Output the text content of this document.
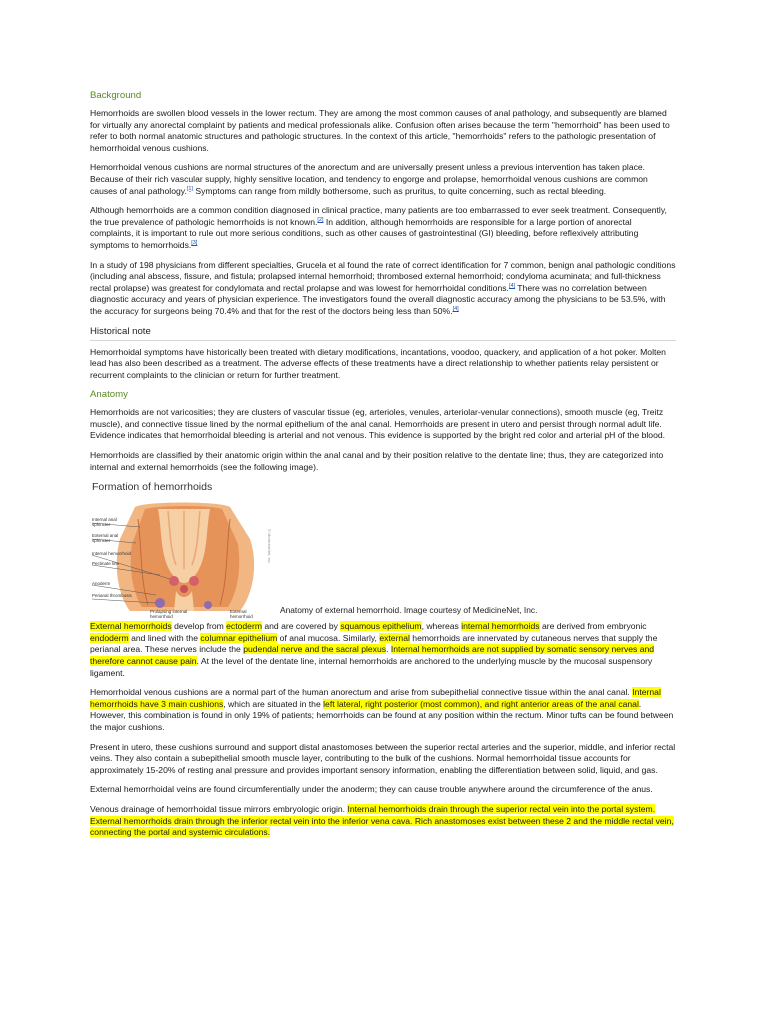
Background

Hemorrhoids are swollen blood vessels in the lower rectum. They are among the most common causes of anal pathology, and subsequently are blamed for virtually any anorectal complaint by patients and medical professionals alike. Confusion often arises because the term "hemorrhoid" has been used to refer to both normal anatomic structures and pathologic structures. In the context of this article, "hemorrhoids" refers to the pathologic presentation of hemorrhoidal venous cushions.

Hemorrhoidal venous cushions are normal structures of the anorectum and are universally present unless a previous intervention has taken place. Because of their rich vascular supply, highly sensitive location, and tendency to engorge and prolapse, hemorrhoidal venous cushions are common causes of anal pathology.[1] Symptoms can range from mildly bothersome, such as pruritus, to quite concerning, such as rectal bleeding.

Although hemorrhoids are a common condition diagnosed in clinical practice, many patients are too embarrassed to ever seek treatment. Consequently, the true prevalence of pathologic hemorrhoids is not known.[2] In addition, although hemorrhoids are responsible for a large portion of anorectal complaints, it is important to rule out more serious conditions, such as other causes of gastrointestinal (GI) bleeding, before reflexively attributing symptoms to hemorrhoids.[3]

In a study of 198 physicians from different specialties, Grucela et al found the rate of correct identification for 7 common, benign anal pathologic conditions (including anal abscess, fissure, and fistula; prolapsed internal hemorrhoid; thrombosed external hemorrhoid; condyloma acuminata; and full-thickness rectal prolapse) was greatest for condylomata and rectal prolapse and was lowest for hemorrhoidal conditions.[4] There was no correlation between diagnostic accuracy and years of physician experience. The investigators found the overall diagnostic accuracy among the physicians to be 53.5%, with the accuracy for surgeons being 70.4% and that for the rest of the doctors being less than 50%.[4]

Historical note

Hemorrhoidal symptoms have historically been treated with dietary modifications, incantations, voodoo, quackery, and application of a hot poker. Molten lead has also been described as a treatment. The adverse effects of these treatments have a direct relationship to whether patients relay persistent or recurrent complaints to the clinician or return for further treatment.

Anatomy

Hemorrhoids are not varicosities; they are clusters of vascular tissue (eg, arterioles, venules, arteriolar-venular connections), smooth muscle (eg, Treitz muscle), and connective tissue lined by the normal epithelium of the anal canal. Hemorrhoids are present in utero and persist through normal adult life. Evidence indicates that hemorrhoidal bleeding is arterial and not venous. This evidence is supported by the bright red color and arterial pH of the blood.

Hemorrhoids are classified by their anatomic origin within the anal canal and by their position relative to the dentate line; thus, they are categorized into internal and external hemorrhoids (see the following image).

Formation of hemorrhoids
© MedicineNet, Inc.
Internal anal sphincter
External anal sphincter
Internal hemorrhoid
Pectinate line
Anoderm
Perianal thrombosis
Prolapsing internal hemorrhoid
External hemorrhoid
Anatomy of external hemorrhoid. Image courtesy of MedicineNet, Inc.

External hemorrhoids develop from ectoderm and are covered by squamous epithelium, whereas internal hemorrhoids are derived from embryonic endoderm and lined with the columnar epithelium of anal mucosa. Similarly, external hemorrhoids are innervated by cutaneous nerves that supply the perianal area. These nerves include the pudendal nerve and the sacral plexus. Internal hemorrhoids are not supplied by somatic sensory nerves and therefore cannot cause pain. At the level of the dentate line, internal hemorrhoids are anchored to the underlying muscle by the mucosal suspensory ligament.

Hemorrhoidal venous cushions are a normal part of the human anorectum and arise from subepithelial connective tissue within the anal canal. Internal hemorrhoids have 3 main cushions, which are situated in the left lateral, right posterior (most common), and right anterior areas of the anal canal. However, this combination is found in only 19% of patients; hemorrhoids can be found at any position within the rectum. Minor tufts can be found between the major cushions.

Present in utero, these cushions surround and support distal anastomoses between the superior rectal arteries and the superior, middle, and inferior rectal veins. They also contain a subepithelial smooth muscle layer, contributing to the bulk of the cushions. Normal hemorrhoidal tissue accounts for approximately 15-20% of resting anal pressure and provides important sensory information, enabling the differentiation between solid, liquid, and gas.

External hemorrhoidal veins are found circumferentially under the anoderm; they can cause trouble anywhere around the circumference of the anus.

Venous drainage of hemorrhoidal tissue mirrors embryologic origin. Internal hemorrhoids drain through the superior rectal vein into the portal system. External hemorrhoids drain through the inferior rectal vein into the inferior vena cava. Rich anastomoses exist between these 2 and the middle rectal vein, connecting the portal and systemic circulations.
